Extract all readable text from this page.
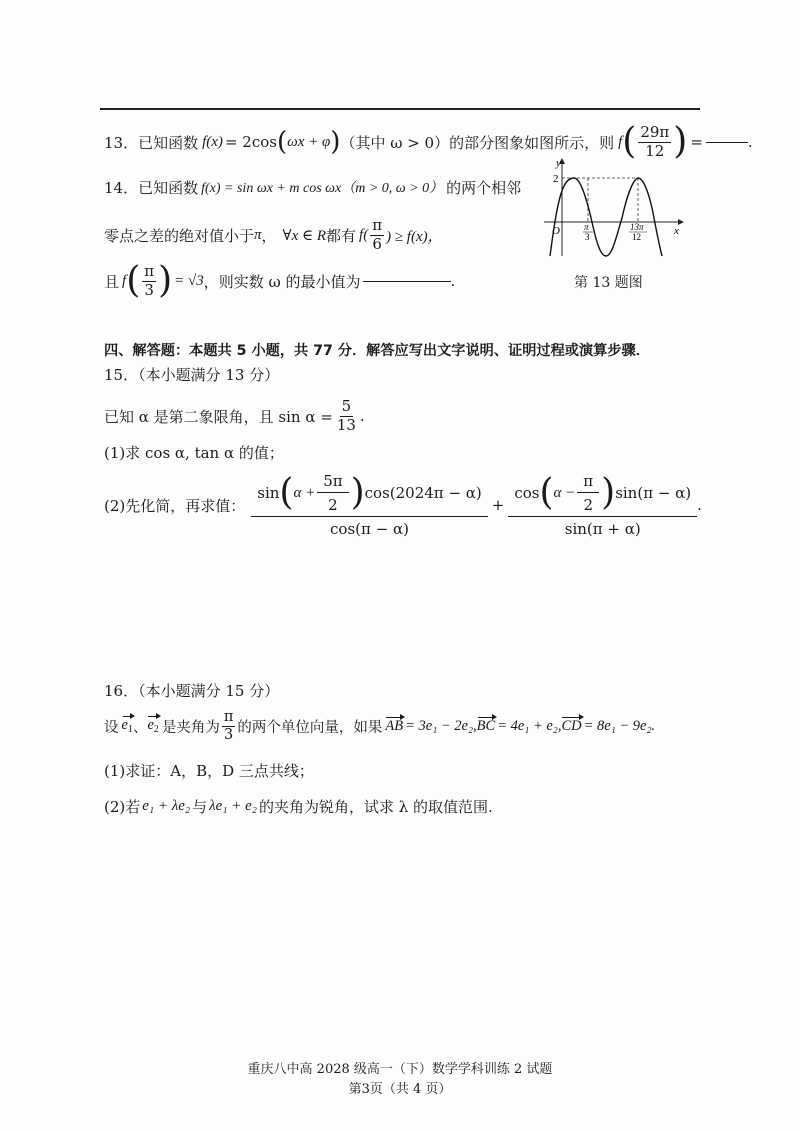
13． 已知函数 f(x) = 2cos ( ωx + φ ) （其中 ω > 0） 的部分图象如图所示，则 f ( $\frac{29\pi}{12}$ ) =	.
14． 已知函数 f(x) = sin ωx + m cos ωx（m > 0, ω > 0） 的两个相邻
零点之差的绝对值小于 π ， ∀x ∈ R 都有 $f( \frac{\pi}{6}$ ) ≥ f(x)，
且 f ( $\frac{\pi}{3}$ ) = √3 ，则实数 ω 的最小值为	.
y
x
O
2
π
3
13π
12
第 13 题图
四、解答题：本题共 5 小题，共 77 分．解答应写出文字说明、证明过程或演算步骤．
15．（本小题满分 13 分）
已知 α 是第二象限角，且 $\sin \alpha = \frac{5}{13}$ .
(1)求 cos α, tan α 的值；
(2)先化简，再求值：
sin ( $\alpha + \frac{5\pi}{2}$ ) cos(2024π − α)
cos(π − α)
+
cos ( $\alpha - \frac{\pi}{2}$ ) sin(π − α)
sin(π + α)
.
16．（本小题满分 15 分）
设 $e_1$ 、 $e_2$ 是夹角为 $\frac{\pi}{3}$ 的两个单位向量，如果 AB = 3e₁ − 2e₂, BC = 4e₁ + e₂, CD = 8e₁ − 9e₂.
(1)求证：A，B，D 三点共线；
(2)若 e₁ + λe₂ 与 λe₁ + e₂ 的夹角为锐角，试求 λ 的取值范围.
重庆八中高 2028 级高一（下）数学学科训练 2 试题
第3页（共 4 页）
